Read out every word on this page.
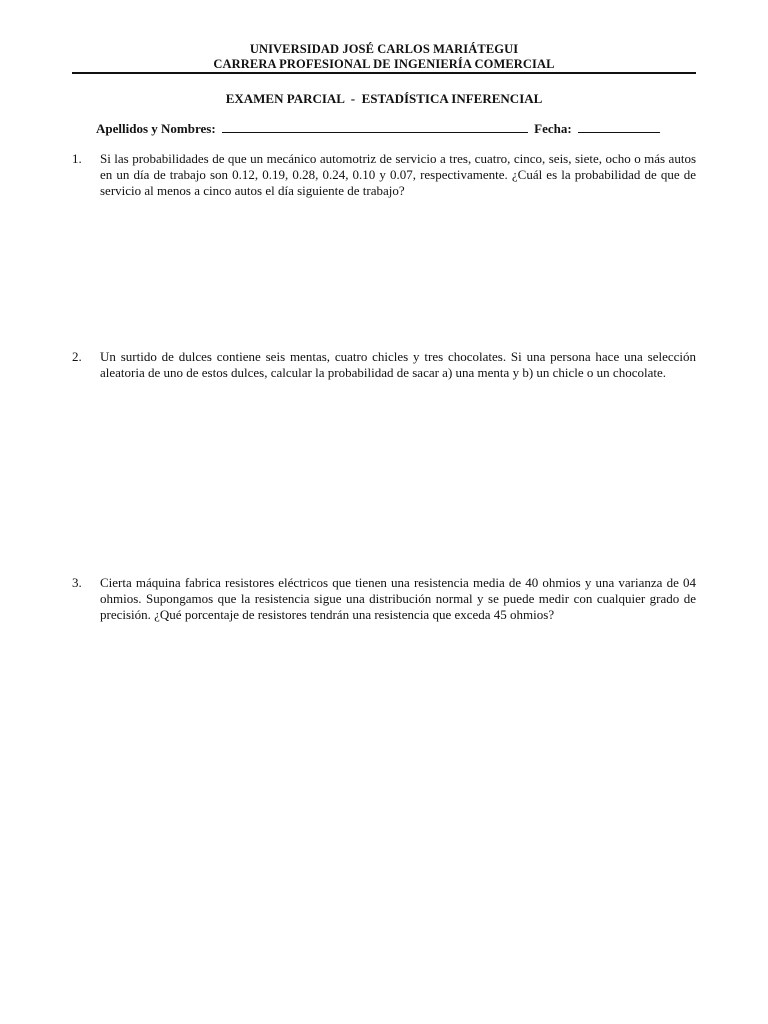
UNIVERSIDAD JOSÉ CARLOS MARIÁTEGUI
CARRERA PROFESIONAL DE INGENIERÍA COMERCIAL
EXAMEN PARCIAL  -  ESTADÍSTICA INFERENCIAL
Apellidos y Nombres:	Fecha:
1.	Si las probabilidades de que un mecánico automotriz de servicio a tres, cuatro, cinco, seis, siete, ocho o más autos en un día de trabajo son 0.12, 0.19, 0.28, 0.24, 0.10 y 0.07, respectivamente. ¿Cuál es la probabilidad de que de servicio al menos a cinco autos el día siguiente de trabajo?
2.	Un surtido de dulces contiene seis mentas, cuatro chicles y tres chocolates. Si una persona hace una selección aleatoria de uno de estos dulces, calcular la probabilidad de sacar a) una menta y b) un chicle o un chocolate.
3.	Cierta máquina fabrica resistores eléctricos que tienen una resistencia media de 40 ohmios y una varianza de 04 ohmios. Supongamos que la resistencia sigue una distribución normal y se puede medir con cualquier grado de precisión. ¿Qué porcentaje de resistores tendrán una resistencia que exceda 45 ohmios?
